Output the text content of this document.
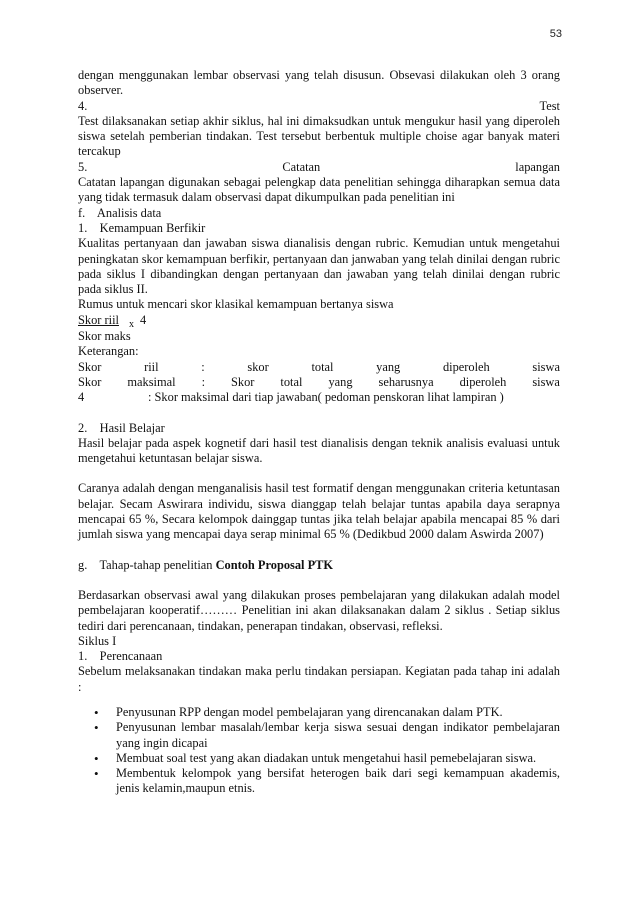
53
dengan menggunakan lembar observasi yang telah disusun. Obsevasi dilakukan oleh 3 orang observer.
4.	Test
Test dilaksanakan setiap akhir siklus, hal ini dimaksudkan untuk mengukur hasil yang diperoleh siswa setelah pemberian tindakan. Test tersebut berbentuk multiple choise agar banyak materi tercakup
5.	Catatan	lapangan
Catatan lapangan digunakan sebagai pelengkap data penelitian sehingga diharapkan semua data yang tidak termasuk dalam observasi dapat dikumpulkan pada penelitian ini
f.    Analisis data
1.    Kemampuan Berfikir
Kualitas pertanyaan dan jawaban siswa dianalisis dengan rubric. Kemudian untuk mengetahui peningkatan skor kemampuan berfikir, pertanyaan dan janwaban yang telah dinilai dengan rubric pada siklus I dibandingkan dengan pertanyaan dan jawaban yang telah dinilai dengan rubric pada siklus II.
Rumus untuk mencari skor klasikal kemampuan bertanya siswa
Skor riil $_x$ 4
Skor maks
Keterangan:
Skor	riil	:	skor	total	yang	diperoleh	siswa
Skor maksimal : Skor total yang seharusnya diperoleh siswa
4	: Skor maksimal dari tiap jawaban( pedoman penskoran lihat lampiran )
2.    Hasil Belajar
Hasil belajar pada aspek kognetif dari hasil test dianalisis dengan teknik analisis evaluasi untuk mengetahui ketuntasan belajar siswa.
Caranya adalah dengan menganalisis hasil test formatif dengan menggunakan criteria ketuntasan belajar. Secam Aswirara individu, siswa dianggap telah belajar tuntas apabila daya serapnya mencapai 65 %, Secara kelompok dainggap tuntas jika telah belajar apabila mencapai 85 % dari jumlah siswa yang mencapai daya serap minimal 65 % (Dedikbud 2000 dalam Aswirda 2007)
g.    Tahap-tahap penelitian Contoh Proposal PTK
Berdasarkan observasi awal yang dilakukan proses pembelajaran yang dilakukan adalah model pembelajaran kooperatif……… Penelitian ini akan dilaksanakan dalam 2 siklus . Setiap siklus tediri dari perencanaan, tindakan, penerapan tindakan, observasi, refleksi.
Siklus I
1.    Perencanaan
Sebelum melaksanakan tindakan maka perlu tindakan persiapan. Kegiatan pada tahap ini adalah :
• Penyusunan RPP dengan model pembelajaran yang direncanakan dalam PTK.
• Penyusunan lembar masalah/lembar kerja siswa sesuai dengan indikator pembelajaran yang ingin dicapai
• Membuat soal test yang akan diadakan untuk mengetahui hasil pemebelajaran siswa.
• Membentuk kelompok yang bersifat heterogen baik dari segi kemampuan akademis, jenis kelamin,maupun etnis.
